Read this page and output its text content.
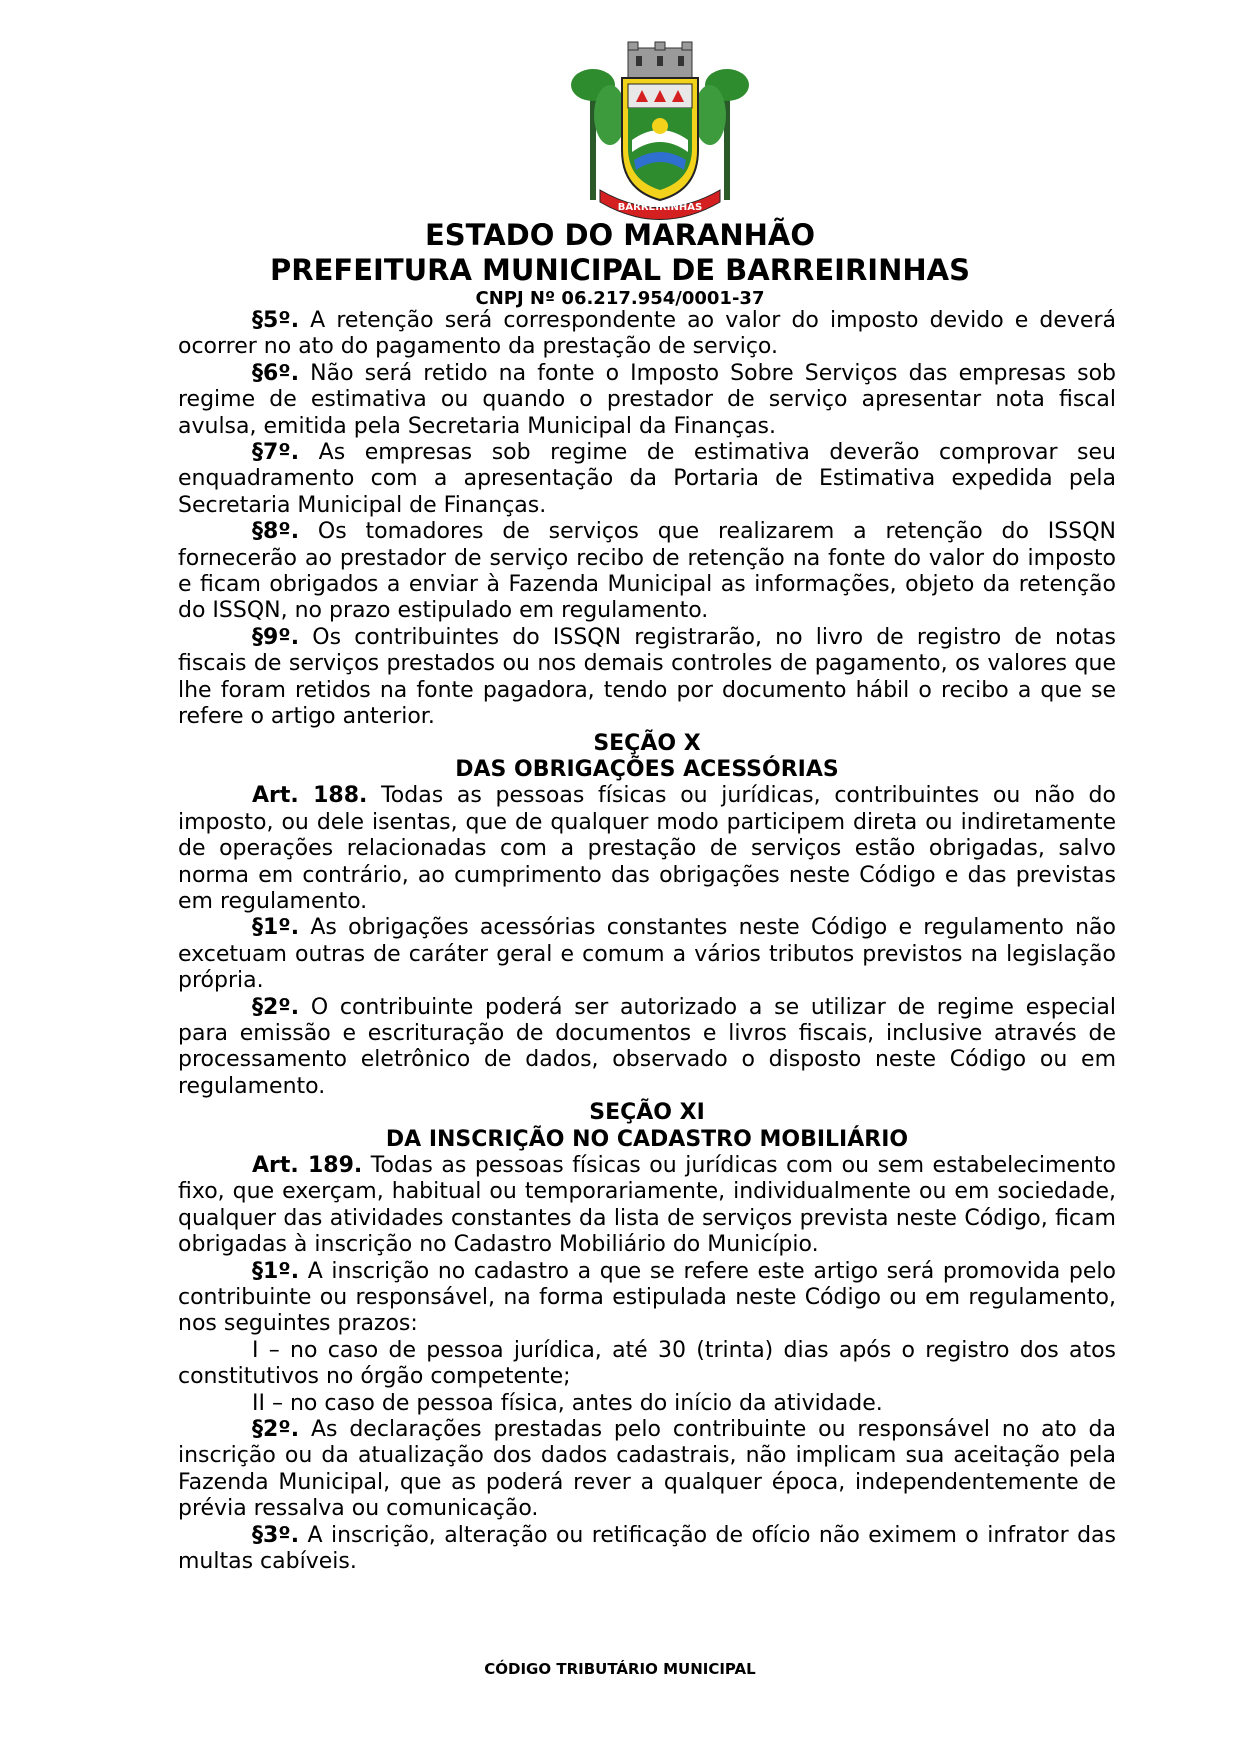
BARREIRINHAS

ESTADO DO MARANHÃO

PREFEITURA MUNICIPAL DE BARREIRINHAS

CNPJ Nº 06.217.954/0001-37

§5º. A retenção será correspondente ao valor do imposto devido e deverá ocorrer no ato do pagamento da prestação de serviço.

§6º. Não será retido na fonte o Imposto Sobre Serviços das empresas sob regime de estimativa ou quando o prestador de serviço apresentar nota fiscal avulsa, emitida pela Secretaria Municipal da Finanças.

§7º. As empresas sob regime de estimativa deverão comprovar seu enquadramento com a apresentação da Portaria de Estimativa expedida pela Secretaria Municipal de Finanças.

§8º. Os tomadores de serviços que realizarem a retenção do ISSQN fornecerão ao prestador de serviço recibo de retenção na fonte do valor do imposto e ficam obrigados a enviar à Fazenda Municipal as informações, objeto da retenção do ISSQN, no prazo estipulado em regulamento.

§9º. Os contribuintes do ISSQN registrarão, no livro de registro de notas fiscais de serviços prestados ou nos demais controles de pagamento, os valores que lhe foram retidos na fonte pagadora, tendo por documento hábil o recibo a que se refere o artigo anterior.

SEÇÃO X

DAS OBRIGAÇÕES ACESSÓRIAS

Art. 188. Todas as pessoas físicas ou jurídicas, contribuintes ou não do imposto, ou dele isentas, que de qualquer modo participem direta ou indiretamente de operações relacionadas com a prestação de serviços estão obrigadas, salvo norma em contrário, ao cumprimento das obrigações neste Código e das previstas em regulamento.

§1º. As obrigações acessórias constantes neste Código e regulamento não excetuam outras de caráter geral e comum a vários tributos previstos na legislação própria.

§2º. O contribuinte poderá ser autorizado a se utilizar de regime especial para emissão e escrituração de documentos e livros fiscais, inclusive através de processamento eletrônico de dados, observado o disposto neste Código ou em regulamento.

SEÇÃO XI

DA INSCRIÇÃO NO CADASTRO MOBILIÁRIO

Art. 189. Todas as pessoas físicas ou jurídicas com ou sem estabelecimento fixo, que exerçam, habitual ou temporariamente, individualmente ou em sociedade, qualquer das atividades constantes da lista de serviços prevista neste Código, ficam obrigadas à inscrição no Cadastro Mobiliário do Município.

§1º. A inscrição no cadastro a que se refere este artigo será promovida pelo contribuinte ou responsável, na forma estipulada neste Código ou em regulamento, nos seguintes prazos:

I – no caso de pessoa jurídica, até 30 (trinta) dias após o registro dos atos constitutivos no órgão competente;

II – no caso de pessoa física, antes do início da atividade.

§2º. As declarações prestadas pelo contribuinte ou responsável no ato da inscrição ou da atualização dos dados cadastrais, não implicam sua aceitação pela Fazenda Municipal, que as poderá rever a qualquer época, independentemente de prévia ressalva ou comunicação.

§3º. A inscrição, alteração ou retificação de ofício não eximem o infrator das multas cabíveis.

CÓDIGO TRIBUTÁRIO MUNICIPAL
